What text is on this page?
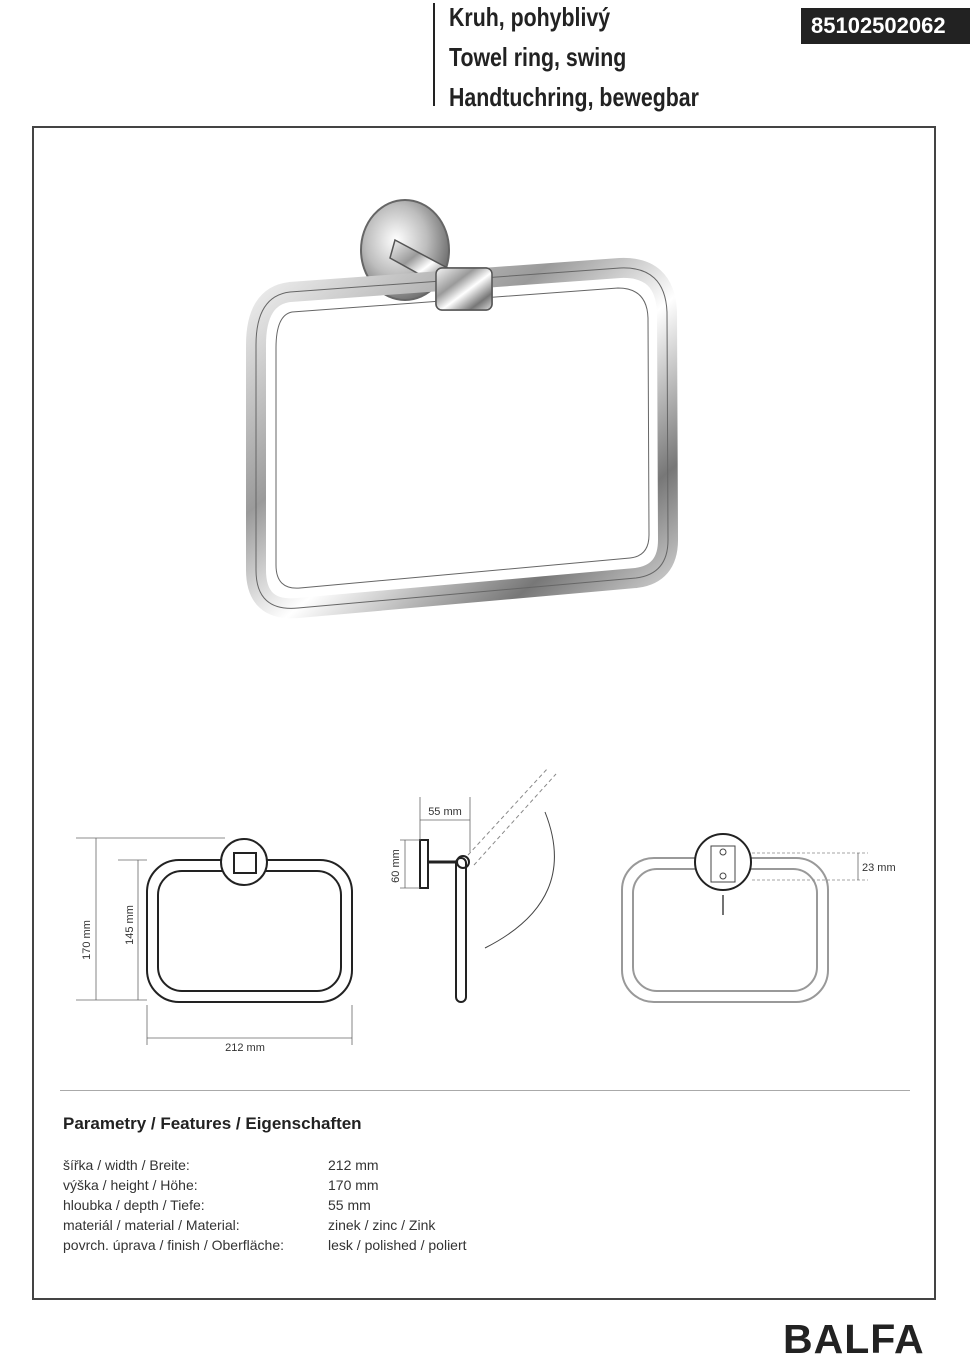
Kruh, pohyblivý
Towel ring, swing
Handtuchring, bewegbar
85102502062
170 mm	145 mm
212 mm
55 mm
60 mm	23 mm
Parametry / Features / Eigenschaften
šířka / width / Breite:	212 mm
výška / height / Höhe:	170 mm
hloubka / depth / Tiefe:	55 mm
materiál / material / Material:	zinek / zinc / Zink
povrch. úprava / finish / Oberfläche:	lesk / polished / poliert
BALFA
